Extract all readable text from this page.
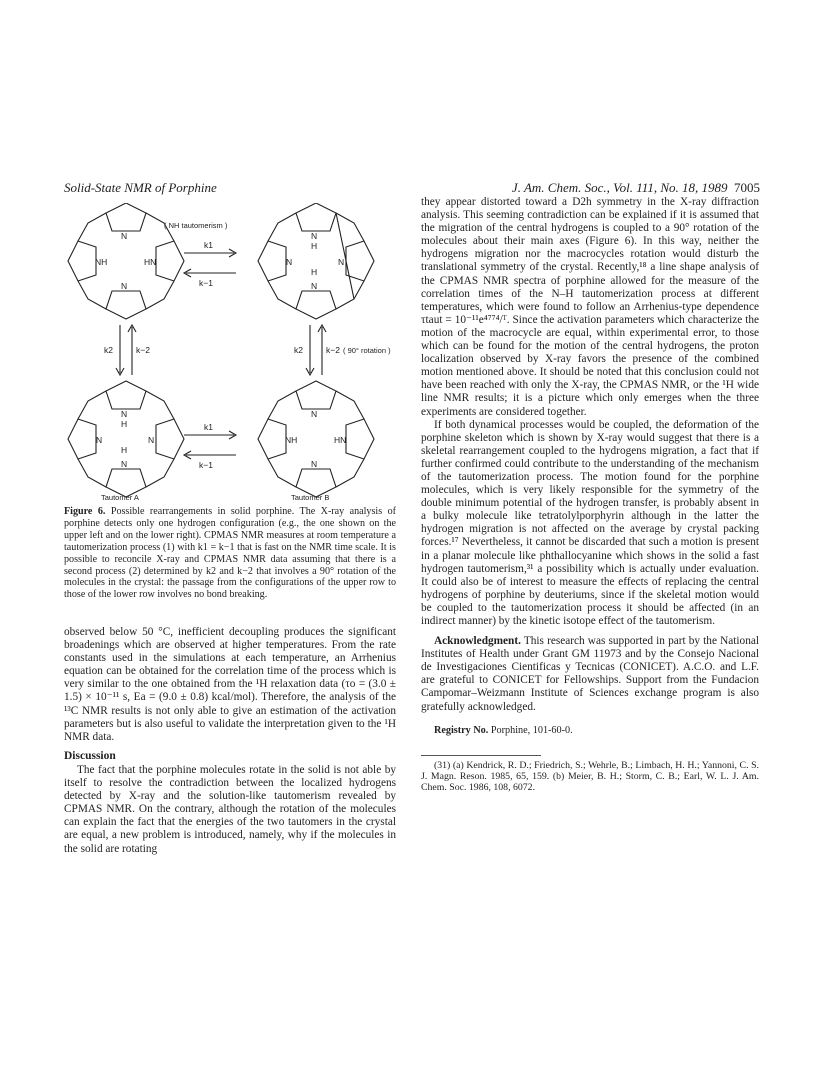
Solid-State NMR of Porphine	J. Am. Chem. Soc., Vol. 111, No. 18, 1989 7005
N
N
NH	HN
N
H
H
N
N	N
N
H
H
N
N	N
N
N
NH	HN
( NH tautomerism )
k1
k−1
k1
k−1
k2	k−2	k2	k−2 ( 90° rotation )
Tautomer A	Tautomer B
Figure 6. Possible rearrangements in solid porphine. The X-ray analysis of porphine detects only one hydrogen configuration (e.g., the one shown on the upper left and on the lower right). CPMAS NMR measures at room temperature a tautomerization process (1) with k1 = k−1 that is fast on the NMR time scale. It is possible to reconcile X-ray and CPMAS NMR data assuming that there is a second process (2) determined by k2 and k−2 that involves a 90° rotation of the molecules in the crystal: the passage from the configurations of the upper row to those of the lower row involves no bond breaking.

observed below 50 °C, inefficient decoupling produces the significant broadenings which are observed at higher temperatures. From the rate constants used in the simulations at each temperature, an Arrhenius equation can be obtained for the correlation time of the process which is very similar to the one obtained from the ¹H relaxation data (τo = (3.0 ± 1.5) × 10⁻¹¹ s, Ea = (9.0 ± 0.8) kcal/mol). Therefore, the analysis of the ¹³C NMR results is not only able to give an estimation of the activation parameters but is also useful to validate the interpretation given to the ¹H NMR data.

Discussion

The fact that the porphine molecules rotate in the solid is not able by itself to resolve the contradiction between the localized hydrogens detected by X-ray and the solution-like tautomerism revealed by CPMAS NMR. On the contrary, although the rotation of the molecules can explain the fact that the energies of the two tautomers in the crystal are equal, a new problem is introduced, namely, why if the molecules in the solid are rotating

they appear distorted toward a D2h symmetry in the X-ray diffraction analysis. This seeming contradiction can be explained if it is assumed that the migration of the central hydrogens is coupled to a 90° rotation of the molecules about their main axes (Figure 6). In this way, neither the hydrogens migration nor the macrocycles rotation would disturb the translational symmetry of the crystal. Recently,¹⁸ a line shape analysis of the CPMAS NMR spectra of porphine allowed for the measure of the correlation times of the N–H tautomerization process at different temperatures, which were found to follow an Arrhenius-type dependence τtaut = 10⁻¹¹e⁴⁷⁷⁴/ᵀ. Since the activation parameters which characterize the motion of the macrocycle are equal, within experimental error, to those which can be found for the motion of the central hydrogens, the proton localization observed by X-ray favors the presence of the combined motion mentioned above. It should be noted that this conclusion could not have been reached with only the X-ray, the CPMAS NMR, or the ¹H wide line NMR results; it is a picture which only emerges when the three experiments are considered together.

If both dynamical processes would be coupled, the deformation of the porphine skeleton which is shown by X-ray would suggest that there is a skeletal rearrangement coupled to the hydrogens migration, a fact that if further confirmed could contribute to the understanding of the mechanism of the tautomerization process. The motion found for the porphine molecules, which is very likely responsible for the symmetry of the double minimum potential of the hydrogen transfer, is probably absent in a bulky molecule like tetratolylporphyrin although in the latter the hydrogen migration is not affected on the average by crystal packing forces.¹⁷ Nevertheless, it cannot be discarded that such a motion is present in a planar molecule like phthallocyanine which shows in the solid a fast hydrogen tautomerism,³¹ a possibility which is actually under evaluation. It could also be of interest to measure the effects of replacing the central hydrogens of porphine by deuteriums, since if the skeletal motion would be coupled to the tautomerization process it should be affected (in an indirect manner) by the kinetic isotope effect of the tautomerism.

Acknowledgment. This research was supported in part by the National Institutes of Health under Grant GM 11973 and by the Consejo Nacional de Investigaciones Cientificas y Tecnicas (CONICET). A.C.O. and L.F. are grateful to CONICET for Fellowships. Support from the Fundacion Campomar–Weizmann Institute of Sciences exchange program is also gratefully acknowledged.

Registry No. Porphine, 101-60-0.

(31) (a) Kendrick, R. D.; Friedrich, S.; Wehrle, B.; Limbach, H. H.; Yannoni, C. S. J. Magn. Reson. 1985, 65, 159. (b) Meier, B. H.; Storm, C. B.; Earl, W. L. J. Am. Chem. Soc. 1986, 108, 6072.
